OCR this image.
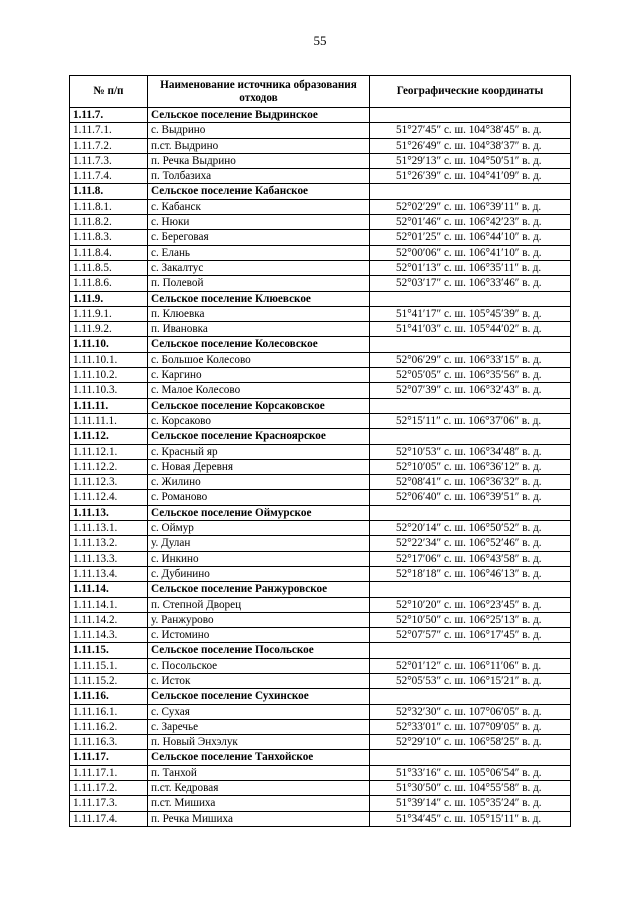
55
№ п/п	Наименование источника образования отходов	Географические координаты
1.11.7.	Сельское поселение Выдринское	
1.11.7.1.	с. Выдрино	51°27′45″ с. ш. 104°38′45″ в. д.
1.11.7.2.	п.ст. Выдрино	51°26′49″ с. ш. 104°38′37″ в. д.
1.11.7.3.	п. Речка Выдрино	51°29′13″ с. ш. 104°50′51″ в. д.
1.11.7.4.	п. Толбазиха	51°26′39″ с. ш. 104°41′09″ в. д.
1.11.8.	Сельское поселение Кабанское	
1.11.8.1.	с. Кабанск	52°02′29″ с. ш. 106°39′11″ в. д.
1.11.8.2.	с. Нюки	52°01′46″ с. ш. 106°42′23″ в. д.
1.11.8.3.	с. Береговая	52°01′25″ с. ш. 106°44′10″ в. д.
1.11.8.4.	с. Елань	52°00′06″ с. ш. 106°41′10″ в. д.
1.11.8.5.	с. Закалтус	52°01′13″ с. ш. 106°35′11″ в. д.
1.11.8.6.	п. Полевой	52°03′17″ с. ш. 106°33′46″ в. д.
1.11.9.	Сельское поселение Клюевское	
1.11.9.1.	п. Клюевка	51°41′17″ с. ш. 105°45′39″ в. д.
1.11.9.2.	п. Ивановка	51°41′03″ с. ш. 105°44′02″ в. д.
1.11.10.	Сельское поселение Колесовское	
1.11.10.1.	с. Большое Колесово	52°06′29″ с. ш. 106°33′15″ в. д.
1.11.10.2.	с. Каргино	52°05′05″ с. ш. 106°35′56″ в. д.
1.11.10.3.	с. Малое Колесово	52°07′39″ с. ш. 106°32′43″ в. д.
1.11.11.	Сельское поселение Корсаковское	
1.11.11.1.	с. Корсаково	52°15′11″ с. ш. 106°37′06″ в. д.
1.11.12.	Сельское поселение Красноярское	
1.11.12.1.	с. Красный яр	52°10′53″ с. ш. 106°34′48″ в. д.
1.11.12.2.	с. Новая Деревня	52°10′05″ с. ш. 106°36′12″ в. д.
1.11.12.3.	с. Жилино	52°08′41″ с. ш. 106°36′32″ в. д.
1.11.12.4.	с. Романово	52°06′40″ с. ш. 106°39′51″ в. д.
1.11.13.	Сельское поселение Оймурское	
1.11.13.1.	с. Оймур	52°20′14″ с. ш. 106°50′52″ в. д.
1.11.13.2.	у. Дулан	52°22′34″ с. ш. 106°52′46″ в. д.
1.11.13.3.	с. Инкино	52°17′06″ с. ш. 106°43′58″ в. д.
1.11.13.4.	с. Дубинино	52°18′18″ с. ш. 106°46′13″ в. д.
1.11.14.	Сельское поселение Ранжуровское	
1.11.14.1.	п. Степной Дворец	52°10′20″ с. ш. 106°23′45″ в. д.
1.11.14.2.	у. Ранжурово	52°10′50″ с. ш. 106°25′13″ в. д.
1.11.14.3.	с. Истомино	52°07′57″ с. ш. 106°17′45″ в. д.
1.11.15.	Сельское поселение Посольское	
1.11.15.1.	с. Посольское	52°01′12″ с. ш. 106°11′06″ в. д.
1.11.15.2.	с. Исток	52°05′53″ с. ш. 106°15′21″ в. д.
1.11.16.	Сельское поселение Сухинское	
1.11.16.1.	с. Сухая	52°32′30″ с. ш. 107°06′05″ в. д.
1.11.16.2.	с. Заречье	52°33′01″ с. ш. 107°09′05″ в. д.
1.11.16.3.	п. Новый Энхэлук	52°29′10″ с. ш. 106°58′25″ в. д.
1.11.17.	Сельское поселение Танхойское	
1.11.17.1.	п. Танхой	51°33′16″ с. ш. 105°06′54″ в. д.
1.11.17.2.	п.ст. Кедровая	51°30′50″ с. ш. 104°55′58″ в. д.
1.11.17.3.	п.ст. Мишиха	51°39′14″ с. ш. 105°35′24″ в. д.
1.11.17.4.	п. Речка Мишиха	51°34′45″ с. ш. 105°15′11″ в. д.
